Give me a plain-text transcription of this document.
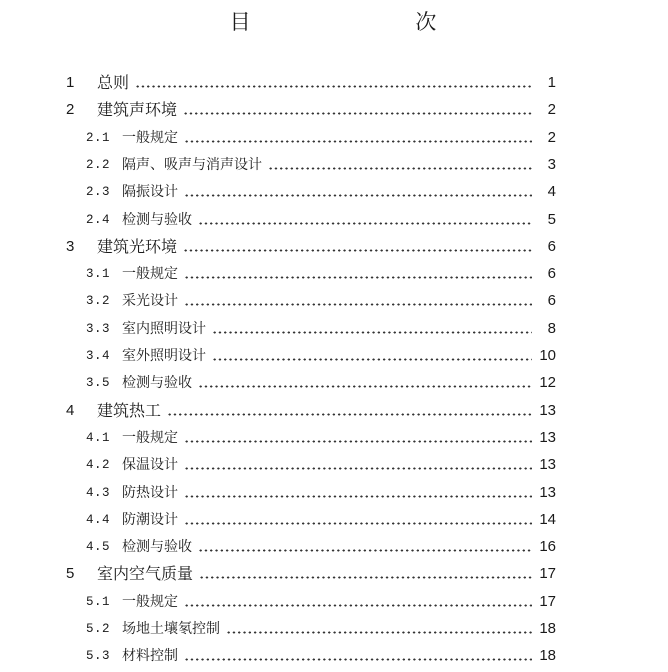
目    次
1 总则	1
2 建筑声环境	2
2.1 一般规定	2
2.2 隔声、吸声与消声设计	3
2.3 隔振设计	4
2.4 检测与验收	5
3 建筑光环境	6
3.1 一般规定	6
3.2 采光设计	6
3.3 室内照明设计	8
3.4 室外照明设计	10
3.5 检测与验收	12
4 建筑热工	13
4.1 一般规定	13
4.2 保温设计	13
4.3 防热设计	13
4.4 防潮设计	14
4.5 检测与验收	16
5 室内空气质量	17
5.1 一般规定	17
5.2 场地土壤氡控制	18
5.3 材料控制	18
